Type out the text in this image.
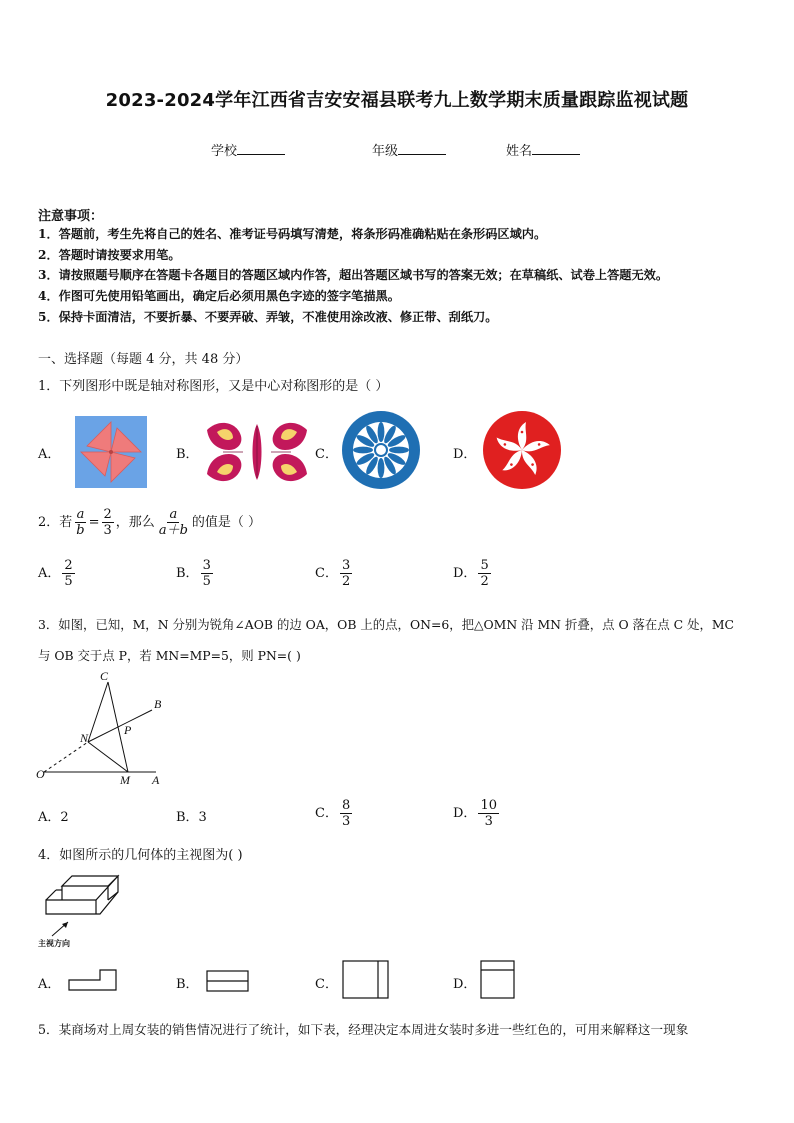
2023-2024学年江西省吉安安福县联考九上数学期末质量跟踪监视试题
学校	年级	姓名
注意事项：
1．答题前，考生先将自己的姓名、准考证号码填写清楚，将条形码准确粘贴在条形码区域内。
2．答题时请按要求用笔。
3．请按照题号顺序在答题卡各题目的答题区域内作答，超出答题区域书写的答案无效；在草稿纸、试卷上答题无效。
4．作图可先使用铅笔画出，确定后必须用黑色字迹的签字笔描黑。
5．保持卡面清洁，不要折暴、不要弄破、弄皱，不准使用涂改液、修正带、刮纸刀。
一、选择题（每题 4 分，共 48 分）
1．下列图形中既是轴对称图形，又是中心对称图形的是（ ）
A．	B．	C．	D．
2．若 $\frac{a}{b} = \frac{2}{3}$ ，那么 $\frac{a}{a+b}$ 的值是（ ）
A． $\frac{2}{5}$	B． $\frac{3}{5}$	C． $\frac{3}{2}$	D． $\frac{5}{2}$
3．如图，已知，M，N 分别为锐角∠AOB 的边 OA，OB 上的点，ON=6，把△OMN 沿 MN 折叠，点 O 落在点 C 处，MC
与 OB 交于点 P，若 MN=MP=5，则 PN=( )
C
B
N
P
O	M A
A．2	B．3	C． $\frac{8}{3}$	D． $\frac{10}{3}$
4．如图所示的几何体的主视图为( )
主视方向
A．	B．	C．	D．
5．某商场对上周女装的销售情况进行了统计，如下表，经理决定本周进女装时多进一些红色的，可用来解释这一现象
